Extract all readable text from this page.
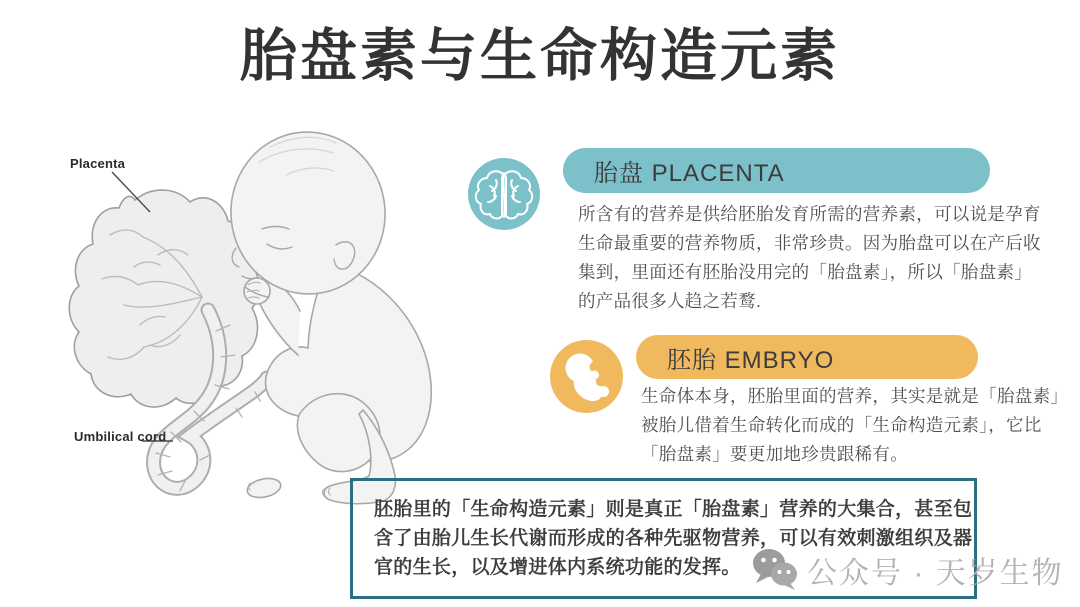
胎盘素与生命构造元素
Placenta
Umbilical cord
胎盘 PLACENTA
所含有的营养是供给胚胎发育所需的营养素，可以说是孕育
生命最重要的营养物质，非常珍贵。因为胎盘可以在产后收
集到，里面还有胚胎没用完的「胎盘素」，所以「胎盘素」
的产品很多人趋之若鹜.
胚胎 EMBRYO
生命体本身，胚胎里面的营养，其实是就是「胎盘素」
被胎儿借着生命转化而成的「生命构造元素」，它比
「胎盘素」要更加地珍贵跟稀有。
胚胎里的「生命构造元素」则是真正「胎盘素」营养的大集合，甚至包
含了由胎儿生长代谢而形成的各种先驱物营养，可以有效刺激组织及器
官的生长，以及增进体内系统功能的发挥。	公众号 · 天岁生物
